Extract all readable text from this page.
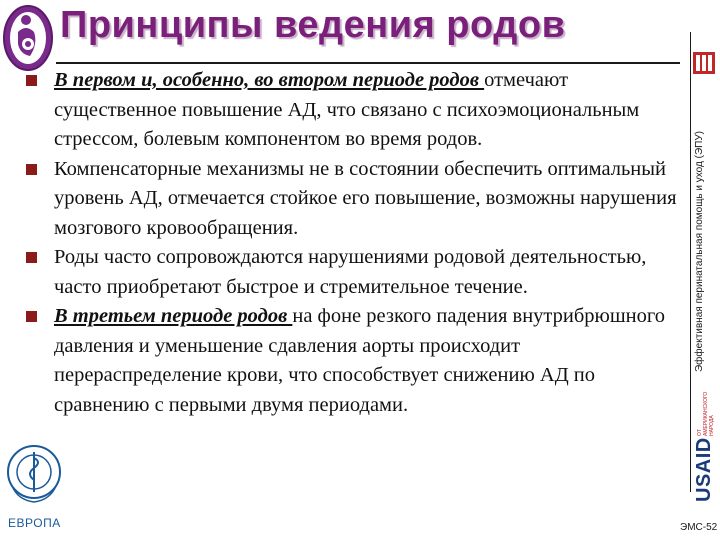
Принципы ведения родов
Эффективная перинатальная помощь и уход (ЭПУ)
USAID
ОТ АМЕРИКАНСКОГО НАРОДА
ЕВРОПА
В первом и, особенно, во втором периоде родов отмечают существенное повышение АД, что связано с психоэмоциональным стрессом, болевым компонентом во время родов.
Компенсаторные механизмы не в состоянии обеспечить оптимальный уровень АД, отмечается стойкое его повышение, возможны нарушения мозгового кровообращения.
Роды часто сопровождаются нарушениями родовой деятельностью, часто приобретают быстрое и стремительное течение.
В третьем периоде родов на фоне резкого падения внутрибрюшного давления и уменьшение сдавления аорты происходит перераспределение крови, что способствует снижению АД по сравнению с первыми двумя периодами.
ЭМС-52
